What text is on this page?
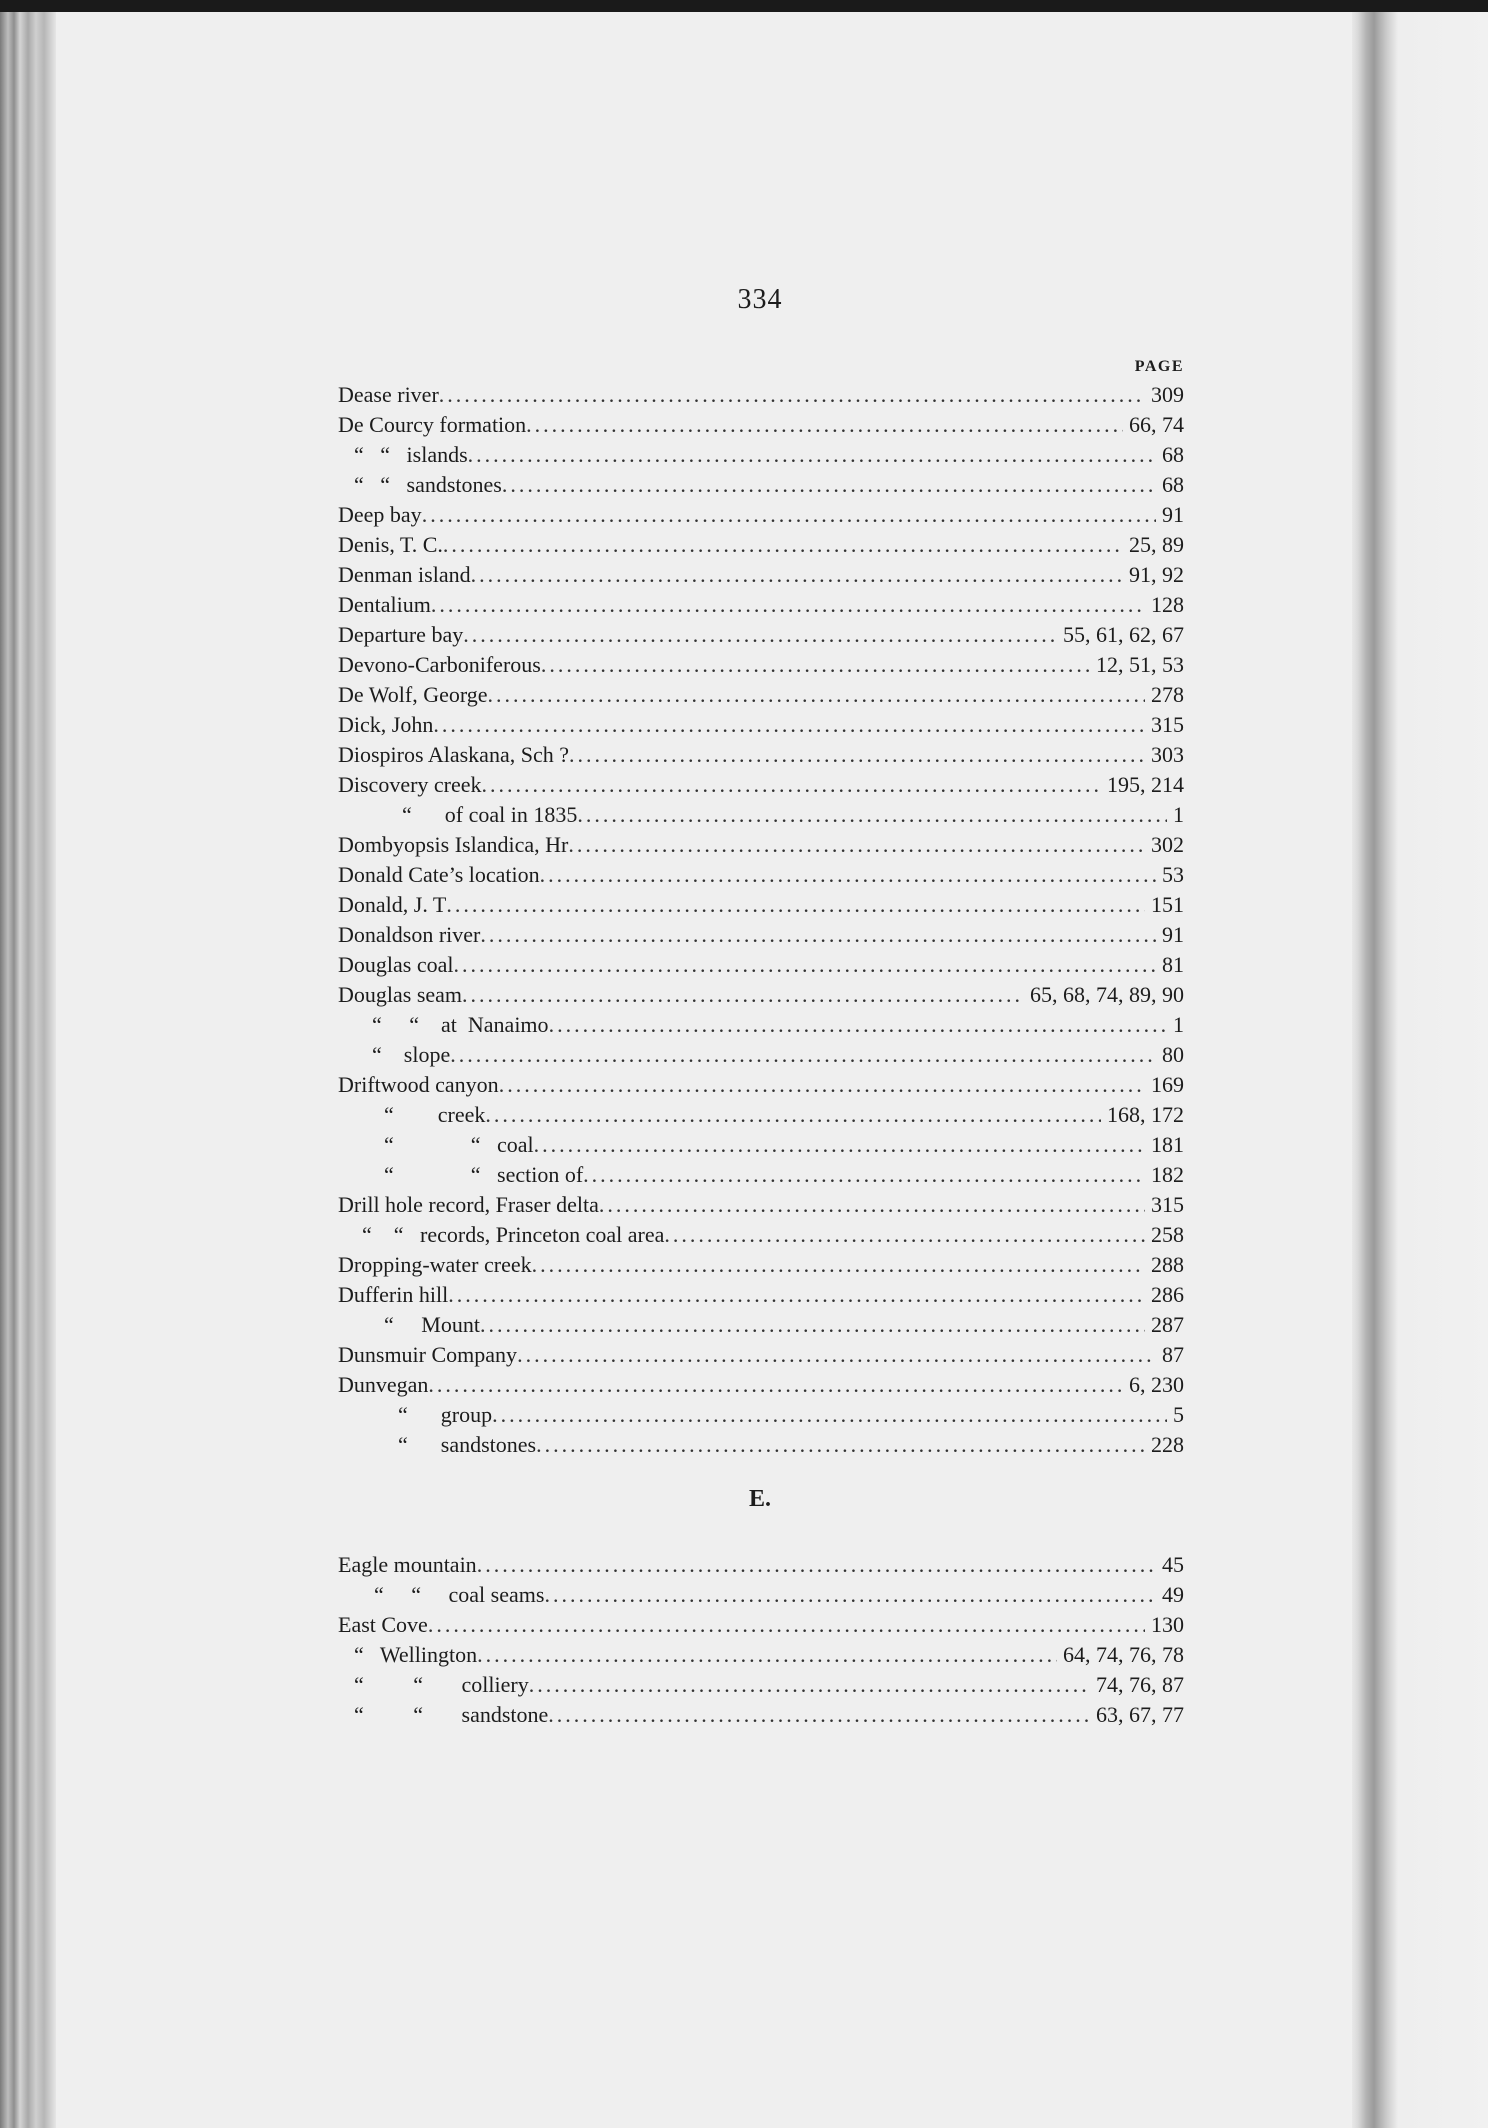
334
PAGE
Dease river .....	309
De Courcy formation .....	66, 74
“   “   islands .....	68
“   “   sandstones .....	68
Deep bay .....	91
Denis, T. C. .....	25, 89
Denman island .....	91, 92
Dentalium .....	128
Departure bay .....	55, 61, 62, 67
Devono-Carboniferous .....	12, 51, 53
De Wolf, George .....	278
Dick, John .....	315
Diospiros Alaskana, Sch ? .....	303
Discovery creek .....	195, 214
“      of coal in 1835 .....	1
Dombyopsis Islandica, Hr .....	302
Donald Cate’s location .....	53
Donald, J. T .....	151
Donaldson river .....	91
Douglas coal .....	81
Douglas seam .....	65, 68, 74, 89, 90
“     “    at  Nanaimo .....	1
“    slope .....	80
Driftwood canyon .....	169
“        creek .....	168, 172
“              “   coal .....	181
“              “   section of .....	182
Drill hole record, Fraser delta .....	315
“    “   records, Princeton coal area .....	258
Dropping-water creek .....	288
Dufferin hill .....	286
“     Mount .....	287
Dunsmuir Company .....	87
Dunvegan .....	6, 230
“      group .....	5
“      sandstones .....	228
E.
Eagle mountain .....	45
“     “     coal seams .....	49
East Cove .....	130
“   Wellington .....	64, 74, 76, 78
“         “       colliery .....	74, 76, 87
“         “       sandstone .....	63, 67, 77
